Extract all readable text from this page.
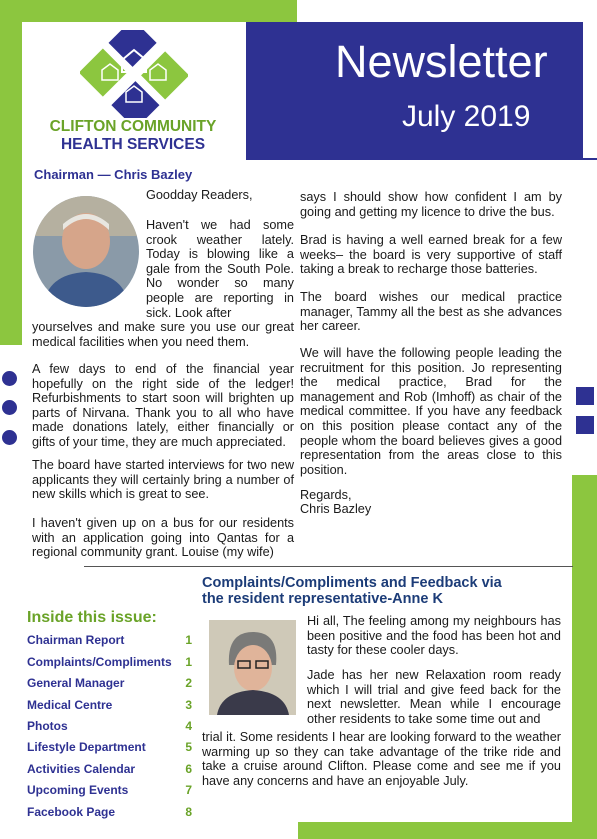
Newsletter
July 2019
CLIFTON COMMUNITY
HEALTH SERVICES
Chairman — Chris Bazley
Goodday Readers,
Haven't we had some crook weather lately. Today is blowing like a gale from the South Pole. No wonder so many people are reporting in sick. Look after
yourselves and make sure you use our great medical facilities when you need them.
A few days to end of the financial year hopefully on the right side of the ledger! Refurbishments to start soon will brighten up parts of Nirvana. Thank you to all who have made donations lately, either financially or gifts of your time, they are much appreciated.
The board have started interviews for two new applicants they will certainly bring a number of new skills which is great to see.
I haven't given up on a bus for our residents with an application going into Qantas for a regional community grant. Louise (my wife)
says I should show how confident I am by going and getting my licence to drive the bus.
Brad is having a well earned break for a few weeks– the board is very supportive of staff taking a break to recharge those batteries.
The board wishes our medical practice manager, Tammy all the best as she advances her career.
We will have the following people leading the recruitment for this position. Jo representing the medical practice, Brad for the management and Rob (Imhoff) as chair of the medical committee. If you have any feedback on this position please contact any of the people whom the board believes gives a good representation from the areas close to this position.
Regards,
Chris Bazley
Complaints/Compliments and Feedback via
the resident representative-Anne K
Hi all, The feeling among my neighbours has been positive and the food has been hot and tasty for these cooler days.
Jade has her new Relaxation room ready which I will trial and give feed back for the next newsletter. Mean while I encourage other residents to take some time out and
trial it. Some residents I hear are looking forward to the weather warming up so they can take advantage of the trike ride and take a cruise around Clifton. Please come and see me if you have any concerns and have an enjoyable July.
Inside this issue:
Chairman Report	1
Complaints/Compliments 1
General Manager	2
Medical Centre	3
Photos	4
Lifestyle Department	5
Activities Calendar	6
Upcoming Events	7
Facebook Page	8
